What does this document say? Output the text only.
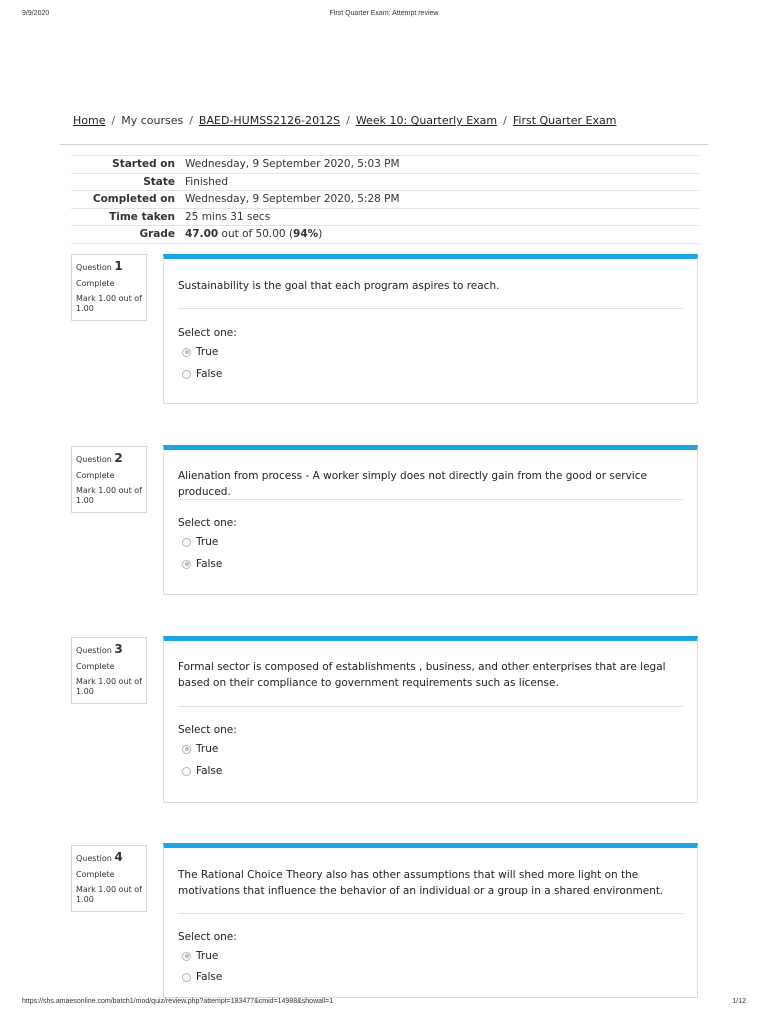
9/9/2020	First Quarter Exam: Attempt review
Home / My courses / BAED-HUMSS2126-2012S / Week 10: Quarterly Exam / First Quarter Exam
Started on	Wednesday, 9 September 2020, 5:03 PM
State	Finished
Completed on	Wednesday, 9 September 2020, 5:28 PM
Time taken	25 mins 31 secs
Grade	47.00 out of 50.00 (94%)
Question 1
Complete
Mark 1.00 out of 1.00
Sustainability is the goal that each program aspires to reach.
Select one:
True
False
Question 2
Complete
Mark 1.00 out of 1.00
Alienation from process - A worker simply does not directly gain from the good or service produced.
Select one:
True
False
Question 3
Complete
Mark 1.00 out of 1.00
Formal sector is composed of establishments , business, and other enterprises that are legal based on their compliance to government requirements such as license.
Select one:
True
False
Question 4
Complete
Mark 1.00 out of 1.00
The Rational Choice Theory also has other assumptions that will shed more light on the motivations that influence the behavior of an individual or a group in a shared environment.
Select one:
True
False
https://shs.amaesonline.com/batch1/mod/quiz/review.php?attempt=183477&cmid=14988&showall=1	1/12
